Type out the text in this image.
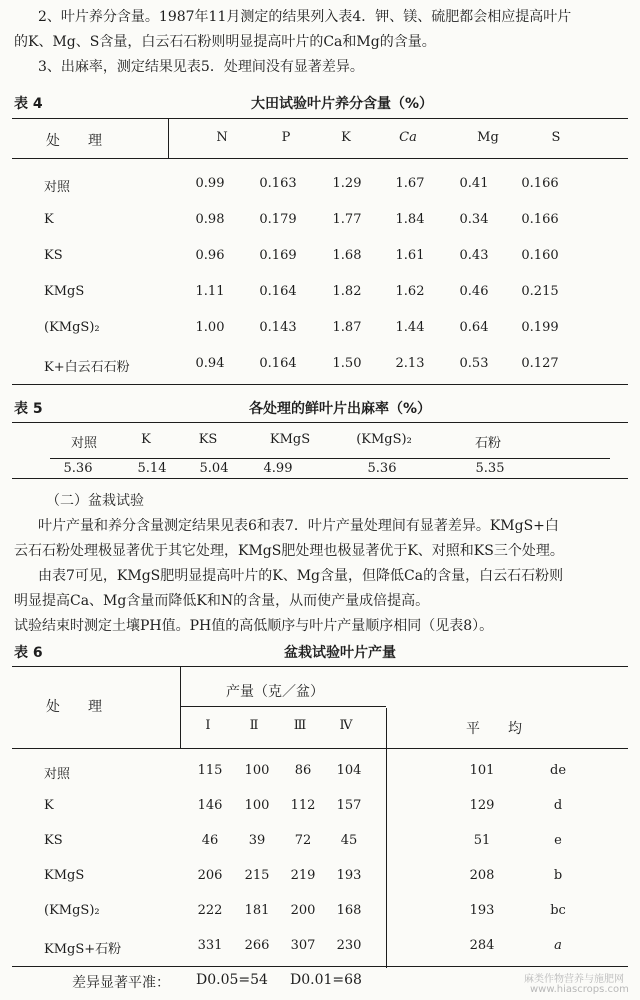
2、叶片养分含量。1987年11月测定的结果列入表4．钾、镁、硫肥都会相应提高叶片
的K、Mg、S含量，白云石石粉则明显提高叶片的Ca和Mg的含量。
3、出麻率，测定结果见表5．处理间没有显著差异。
表 4	大田试验叶片养分含量（%）
处　　理	N	P	K	Ca	Mg	S
对照	0.99	0.163	1.29	1.67	0.41	0.166
K	0.98	0.179	1.77	1.84	0.34	0.166
KS	0.96	0.169	1.68	1.61	0.43	0.160
KMgS	1.11	0.164	1.82	1.62	0.46	0.215
(KMgS)₂	1.00	0.143	1.87	1.44	0.64	0.199
K+白云石石粉	0.94	0.164	1.50	2.13	0.53	0.127
表 5	各处理的鲜叶片出麻率（%）
对照	K	KS	KMgS	(KMgS)₂	石粉
5.36	5.14	5.04	4.99	5.36	5.35
（二）盆栽试验
叶片产量和养分含量测定结果见表6和表7．叶片产量处理间有显著差异。KMgS+白
云石石粉处理极显著优于其它处理，KMgS肥处理也极显著优于K、对照和KS三个处理。
由表7可见，KMgS肥明显提高叶片的K、Mg含量，但降低Ca的含量，白云石石粉则
明显提高Ca、Mg含量而降低K和N的含量，从而使产量成倍提高。
试验结束时测定土壤PH值。PH值的高低顺序与叶片产量顺序相同（见表8）。
表 6	盆栽试验叶片产量
处　　理
产量（克／盆）
Ⅰ	Ⅱ	Ⅲ	Ⅳ	平　　均
对照	115 100 86 104	101	de
K	146 100 112 157	129	d
KS	46 39 72 45	51	e
KMgS	206 215 219 193	208	b
(KMgS)₂	222 181 200 168	193	bc
KMgS+石粉	331 266 307 230	284	a
差异显著平准： D0.05=54 D0.01=68	麻类作物营养与施肥网
www.hiascrops.com
